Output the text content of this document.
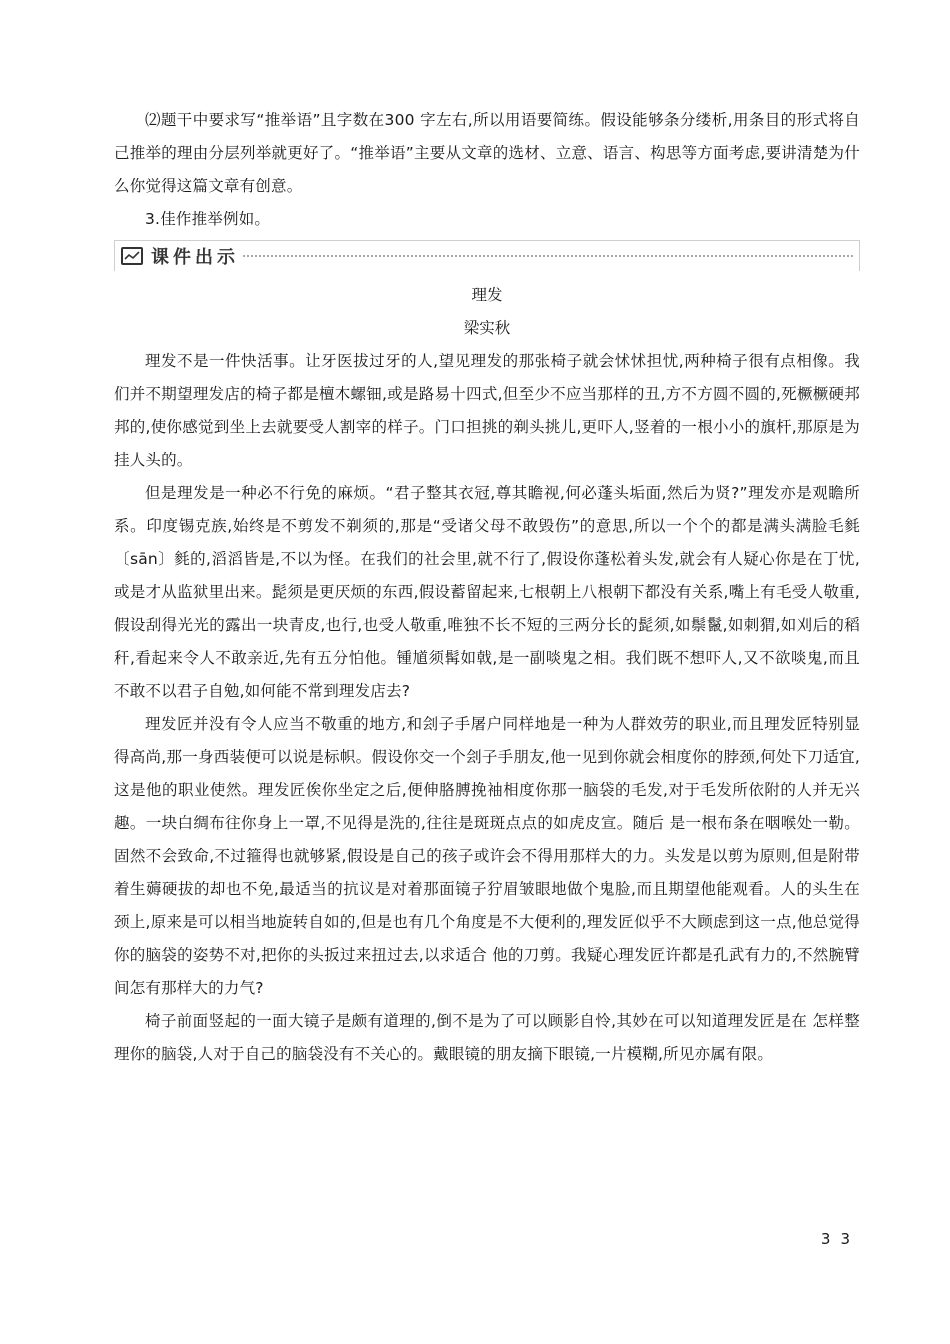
⑵题干中要求写“推举语”且字数在300 字左右,所以用语要简练。假设能够条分缕析,用条目的形式将自己推举的理由分层列举就更好了。“推举语”主要从文章的选材、立意、语言、构思等方面考虑,要讲清楚为什么你觉得这篇文章有创意。

3.佳作推举例如。

课件出示
理发
梁实秋

理发不是一件快活事。让牙医拔过牙的人,望见理发的那张椅子就会怵怵担忧,两种椅子很有点相像。我们并不期望理发店的椅子都是檀木螺钿,或是路易十四式,但至少不应当那样的丑,方不方圆不圆的,死橛橛硬邦邦的,使你感觉到坐上去就要受人割宰的样子。门口担挑的剃头挑儿,更吓人,竖着的一根小小的旗杆,那原是为挂人头的。

但是理发是一种必不行免的麻烦。“君子整其衣冠,尊其瞻视,何必蓬头垢面,然后为贤?”理发亦是观瞻所系。印度锡克族,始终是不剪发不剃须的,那是“受诸父母不敢毁伤”的意思,所以一个个的都是满头满脸毛毵〔sān〕毵的,滔滔皆是,不以为怪。在我们的社会里,就不行了,假设你蓬松着头发,就会有人疑心你是在丁忧,或是才从监狱里出来。髭须是更厌烦的东西,假设蓄留起来,七根朝上八根朝下都没有关系,嘴上有毛受人敬重,假设刮得光光的露出一块青皮,也行,也受人敬重,唯独不长不短的三两分长的髭须,如鬃鬣,如刺猬,如刈后的稻秆,看起来令人不敢亲近,先有五分怕他。锺馗须髯如戟,是一副啖鬼之相。我们既不想吓人,又不欲啖鬼,而且不敢不以君子自勉,如何能不常到理发店去?

理发匠并没有令人应当不敬重的地方,和刽子手屠户同样地是一种为人群效劳的职业,而且理发匠特别显得高尚,那一身西装便可以说是标帜。假设你交一个刽子手朋友,他一见到你就会相度你的脖颈,何处下刀适宜,这是他的职业使然。理发匠俟你坐定之后,便伸胳膊挽袖相度你那一脑袋的毛发,对于毛发所依附的人并无兴趣。一块白绸布往你身上一罩,不见得是洗的,往往是斑斑点点的如虎皮宣。随后 是一根布条在咽喉处一勒。固然不会致命,不过箍得也就够紧,假设是自己的孩子或许会不得用那样大的力。头发是以剪为原则,但是附带着生薅硬拔的却也不免,最适当的抗议是对着那面镜子狞眉皱眼地做个鬼脸,而且期望他能观看。人的头生在颈上,原来是可以相当地旋转自如的,但是也有几个角度是不大便利的,理发匠似乎不大顾虑到这一点,他总觉得你的脑袋的姿势不对,把你的头扳过来扭过去,以求适合 他的刀剪。我疑心理发匠许都是孔武有力的,不然腕臂间怎有那样大的力气?

椅子前面竖起的一面大镜子是颇有道理的,倒不是为了可以顾影自怜,其妙在可以知道理发匠是在 怎样整理你的脑袋,人对于自己的脑袋没有不关心的。戴眼镜的朋友摘下眼镜,一片模糊,所见亦属有限。

33
